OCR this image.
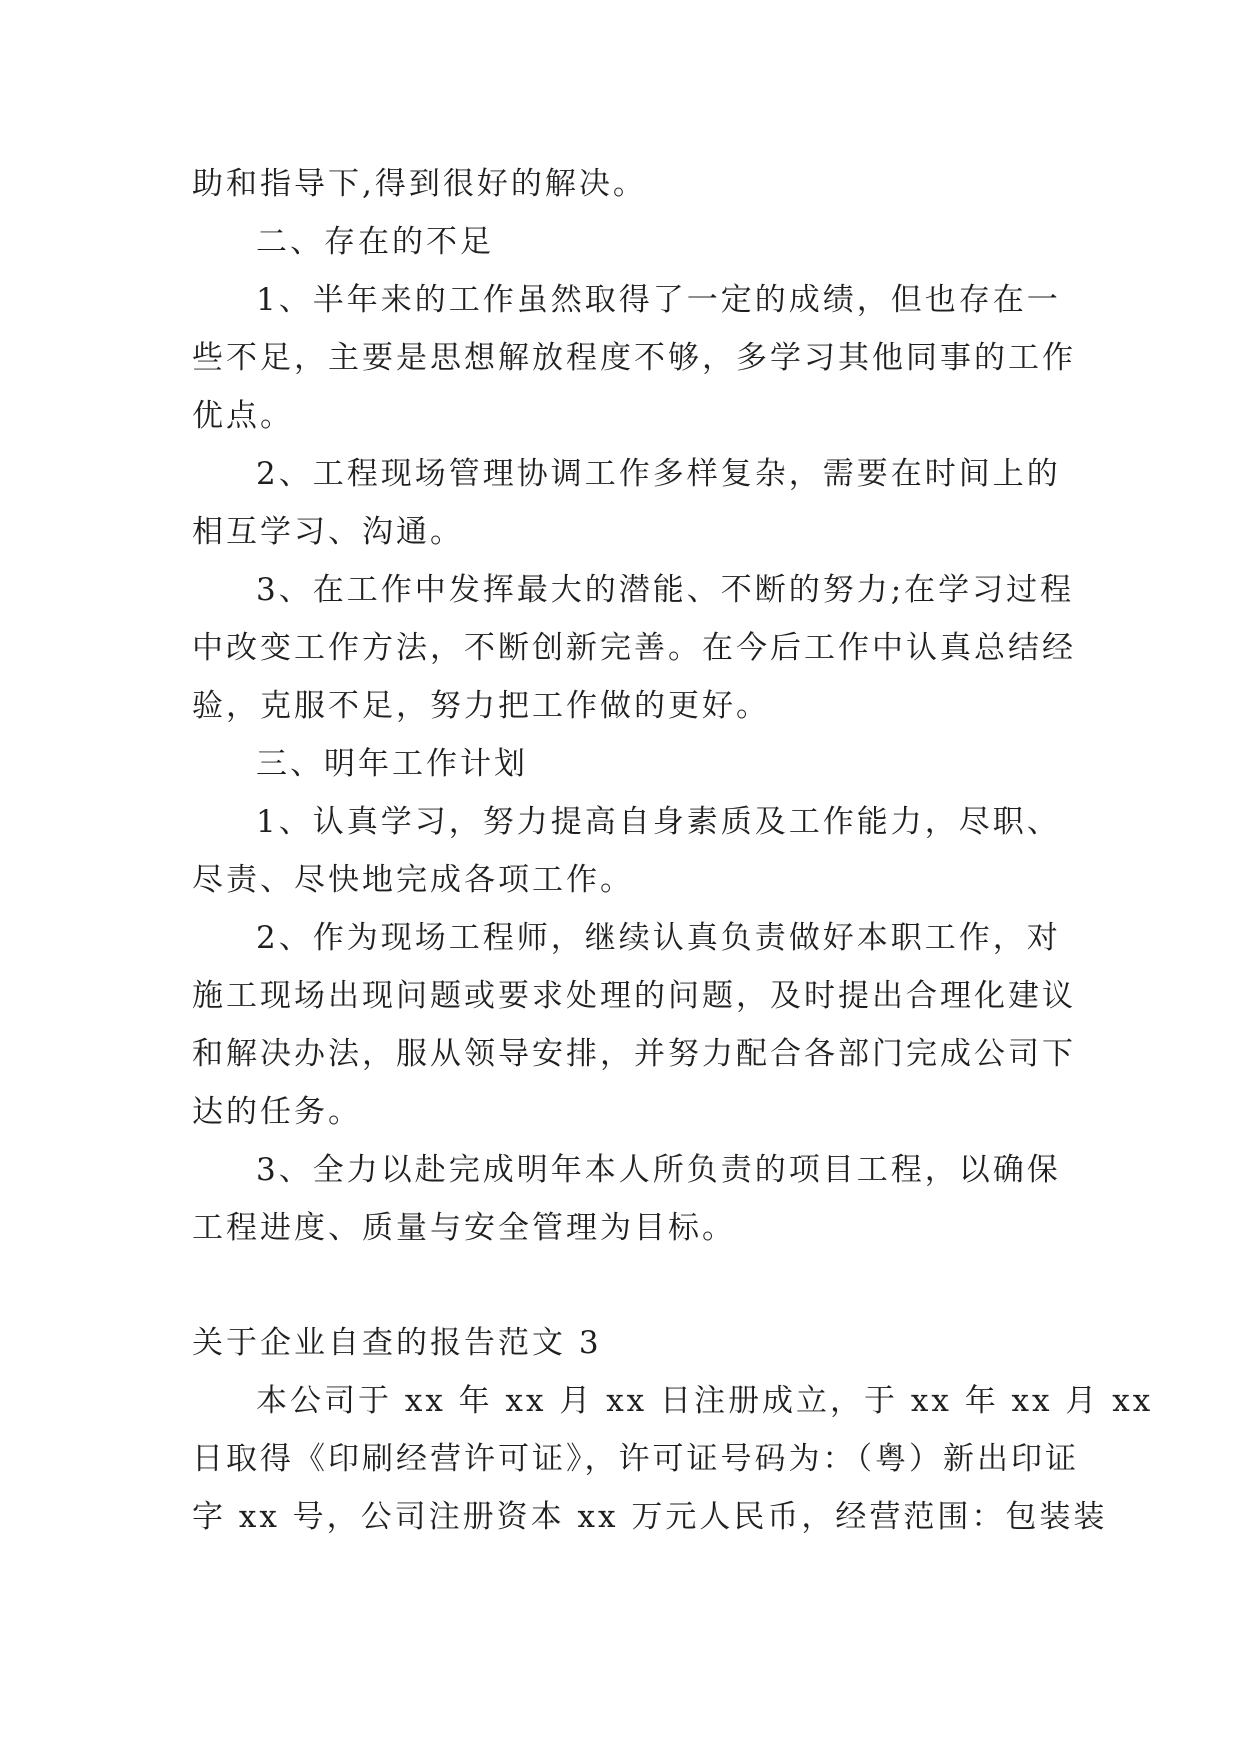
助和指导下,得到很好的解决。
二、存在的不足
1、半年来的工作虽然取得了一定的成绩，但也存在一
些不足，主要是思想解放程度不够，多学习其他同事的工作
优点。
2、工程现场管理协调工作多样复杂，需要在时间上的
相互学习、沟通。
3、在工作中发挥最大的潜能、不断的努力;在学习过程
中改变工作方法，不断创新完善。在今后工作中认真总结经
验，克服不足，努力把工作做的更好。
三、明年工作计划
1、认真学习，努力提高自身素质及工作能力，尽职、
尽责、尽快地完成各项工作。
2、作为现场工程师，继续认真负责做好本职工作，对
施工现场出现问题或要求处理的问题，及时提出合理化建议
和解决办法，服从领导安排，并努力配合各部门完成公司下
达的任务。
3、全力以赴完成明年本人所负责的项目工程，以确保
工程进度、质量与安全管理为目标。
关于企业自查的报告范文 3
本公司于 xx 年 xx 月 xx 日注册成立，于 xx 年 xx 月 xx
日取得《印刷经营许可证》，许可证号码为：（粤）新出印证
字 xx 号，公司注册资本 xx 万元人民币，经营范围：包装装
